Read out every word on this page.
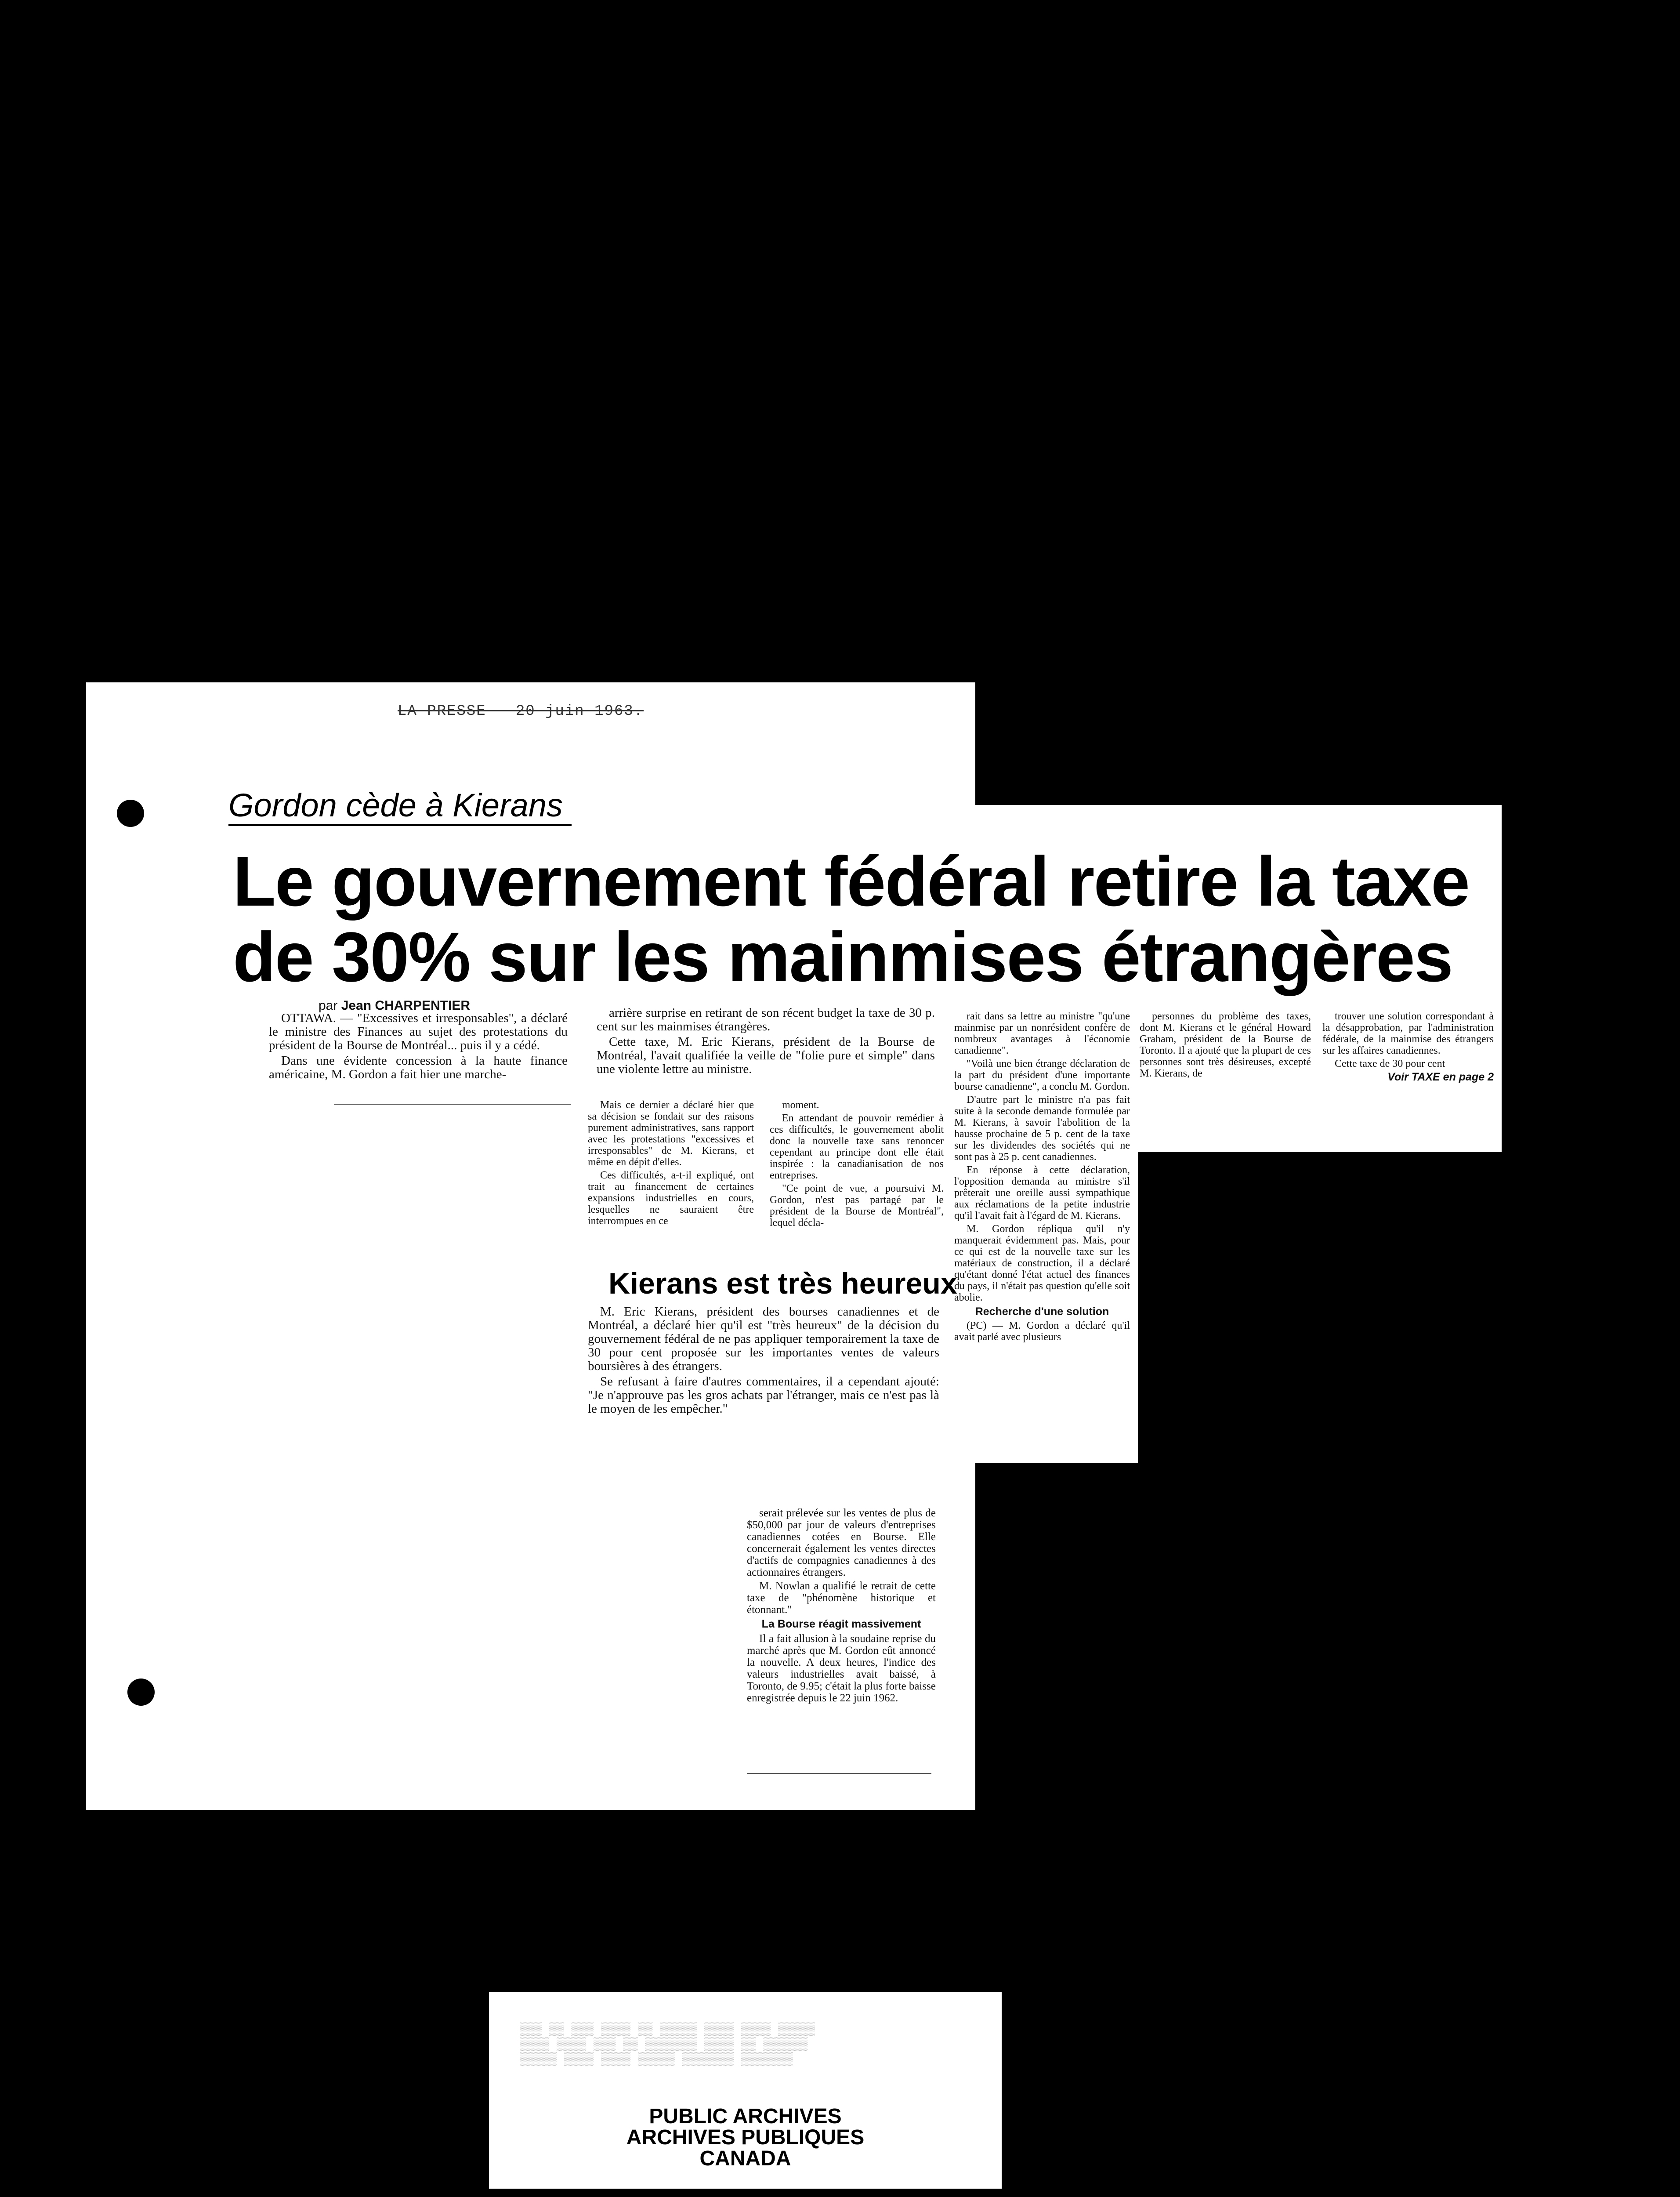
LA PRESSE - 20 juin 1963.
Gordon cède à Kierans
Le gouvernement fédéral retire la taxe
de 30% sur les mainmises étrangères
par Jean CHARPENTIER

OTTAWA. — "Excessives et irresponsables", a déclaré le ministre des Finances au sujet des protestations du président de la Bourse de Montréal... puis il y a cédé.

Dans une évidente concession à la haute finance américaine, M. Gordon a fait hier une marche-

arrière surprise en retirant de son récent budget la taxe de 30 p. cent sur les mainmises étrangères.

Cette taxe, M. Eric Kierans, président de la Bourse de Montréal, l'avait qualifiée la veille de "folie pure et simple" dans une violente lettre au ministre.

Mais ce dernier a déclaré hier que sa décision se fondait sur des raisons purement administratives, sans rapport avec les protestations "excessives et irresponsables" de M. Kierans, et même en dépit d'elles.

Ces difficultés, a-t-il expliqué, ont trait au financement de certaines expansions industrielles en cours, lesquelles ne sauraient être interrompues en ce

moment.

En attendant de pouvoir remédier à ces difficultés, le gouvernement abolit donc la nouvelle taxe sans renoncer cependant au principe dont elle était inspirée : la canadianisation de nos entreprises.

"Ce point de vue, a poursuivi M. Gordon, n'est pas partagé par le président de la Bourse de Montréal", lequel décla-

Kierans est très heureux

M. Eric Kierans, président des bourses canadiennes et de Montréal, a déclaré hier qu'il est "très heureux" de la décision du gouvernement fédéral de ne pas appliquer temporairement la taxe de 30 pour cent proposée sur les importantes ventes de valeurs boursières à des étrangers.

Se refusant à faire d'autres commentaires, il a cependant ajouté: "Je n'approuve pas les gros achats par l'étranger, mais ce n'est pas là le moyen de les empêcher."

rait dans sa lettre au ministre "qu'une mainmise par un nonrésident confère de nombreux avantages à l'économie canadienne".

"Voilà une bien étrange déclaration de la part du président d'une importante bourse canadienne", a conclu M. Gordon.

D'autre part le ministre n'a pas fait suite à la seconde demande formulée par M. Kierans, à savoir l'abolition de la hausse prochaine de 5 p. cent de la taxe sur les dividendes des sociétés qui ne sont pas à 25 p. cent canadiennes.

En réponse à cette déclaration, l'opposition demanda au ministre s'il prêterait une oreille aussi sympathique aux réclamations de la petite industrie qu'il l'avait fait à l'égard de M. Kierans.

M. Gordon répliqua qu'il n'y manquerait évidemment pas. Mais, pour ce qui est de la nouvelle taxe sur les matériaux de construction, il a déclaré qu'étant donné l'état actuel des finances du pays, il n'était pas question qu'elle soit abolie.

Recherche d'une solution

(PC) — M. Gordon a déclaré qu'il avait parlé avec plusieurs

personnes du problème des taxes, dont M. Kierans et le général Howard Graham, président de la Bourse de Toronto. Il a ajouté que la plupart de ces personnes sont très désireuses, excepté M. Kierans, de

trouver une solution correspondant à la désapprobation, par l'administration fédérale, de la mainmise des étrangers sur les affaires canadiennes.

Cette taxe de 30 pour cent

Voir TAXE en page 2

serait prélevée sur les ventes de plus de $50,000 par jour de valeurs d'entreprises canadiennes cotées en Bourse. Elle concernerait également les ventes directes d'actifs de compagnies canadiennes à des actionnaires étrangers.

M. Nowlan a qualifié le retrait de cette taxe de "phénomène historique et étonnant."

La Bourse réagit massivement

Il a fait allusion à la soudaine reprise du marché après que M. Gordon eût annoncé la nouvelle. A deux heures, l'indice des valeurs industrielles avait baissé, à Toronto, de 9.95; c'était la plus forte baisse enregistrée depuis le 22 juin 1962.

▒▒▒ ▒▒ ▒▒▒ ▒▒▒▒ ▒▒ ▒▒▒▒▒ ▒▒▒▒ ▒▒▒▒ ▒▒▒▒▒
▒▒▒▒ ▒▒▒▒ ▒▒▒ ▒▒ ▒▒▒▒▒▒▒ ▒▒▒▒ ▒▒ ▒▒▒▒▒▒
▒▒▒▒▒ ▒▒▒▒ ▒▒▒▒ ▒▒▒▒▒ ▒▒▒▒▒▒▒ ▒▒▒▒▒▒▒
PUBLIC ARCHIVES
ARCHIVES PUBLIQUES
CANADA
